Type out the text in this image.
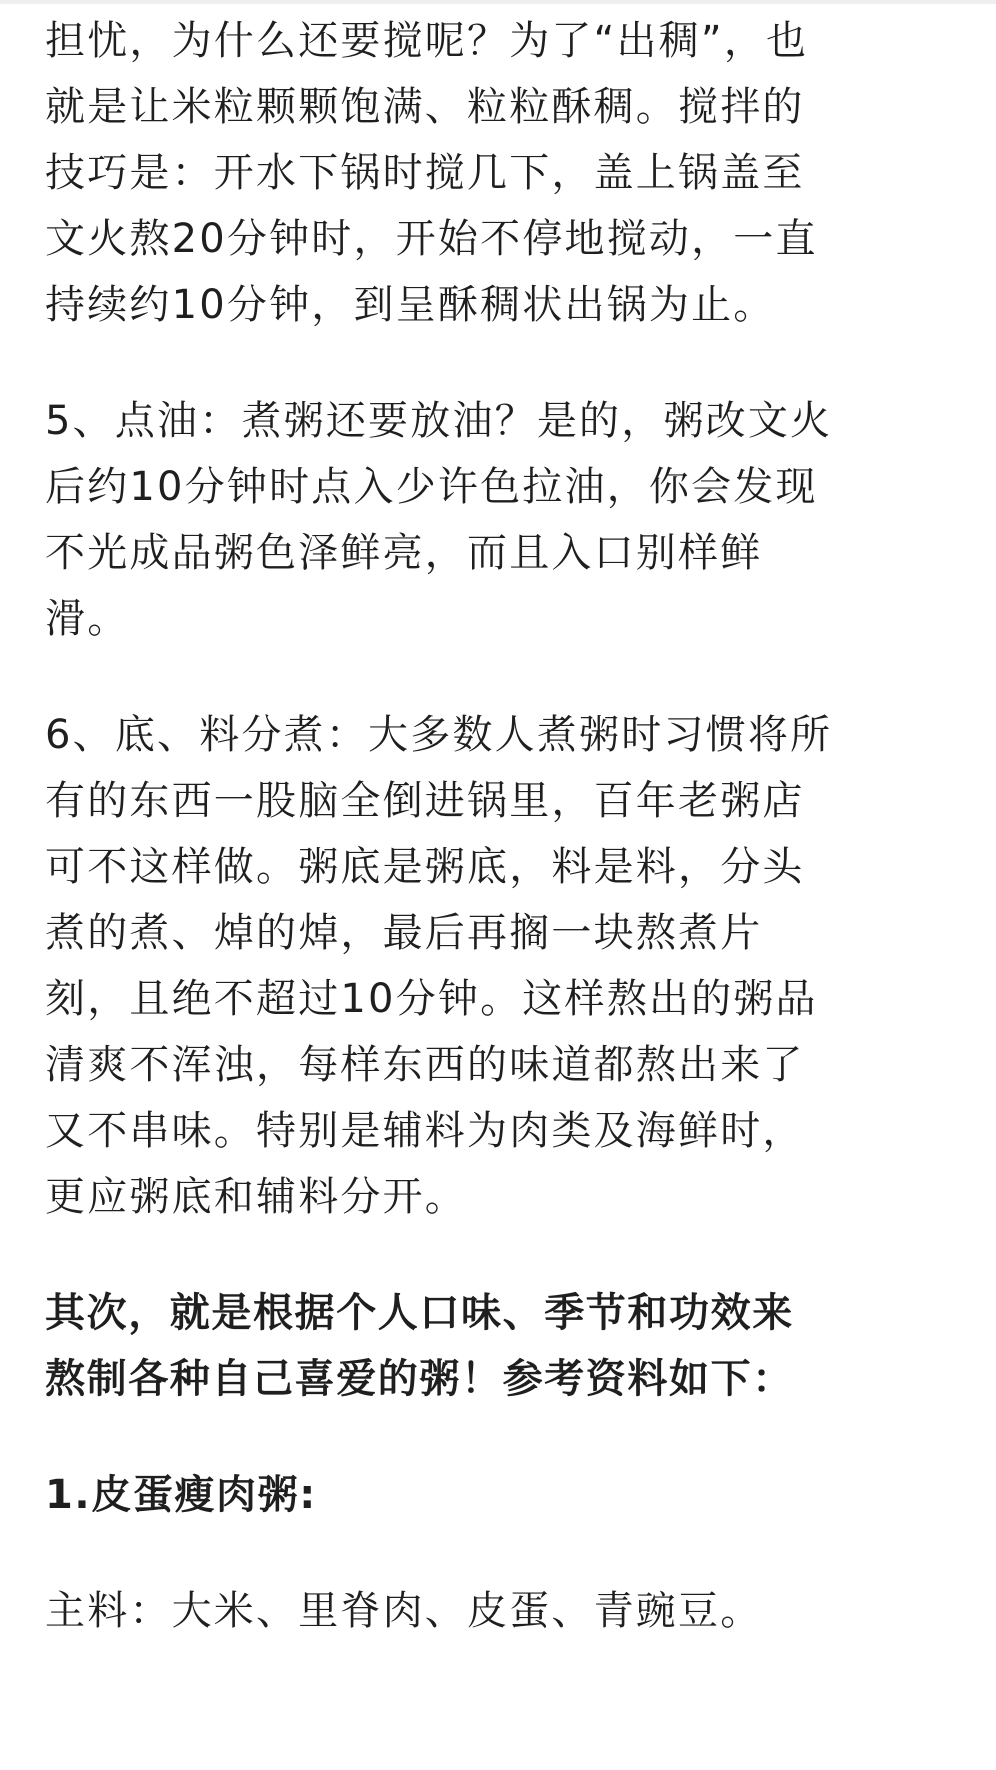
担忧，为什么还要搅呢？为了“出稠”，也
就是让米粒颗颗饱满、粒粒酥稠。搅拌的
技巧是：开水下锅时搅几下，盖上锅盖至
文火熬20分钟时，开始不停地搅动，一直
持续约10分钟，到呈酥稠状出锅为止。

5、点油：煮粥还要放油？是的，粥改文火
后约10分钟时点入少许色拉油，你会发现
不光成品粥色泽鲜亮，而且入口别样鲜
滑。

6、底、料分煮：大多数人煮粥时习惯将所
有的东西一股脑全倒进锅里，百年老粥店
可不这样做。粥底是粥底，料是料，分头
煮的煮、焯的焯，最后再搁一块熬煮片
刻，且绝不超过10分钟。这样熬出的粥品
清爽不浑浊，每样东西的味道都熬出来了
又不串味。特别是辅料为肉类及海鲜时，
更应粥底和辅料分开。

其次，就是根据个人口味、季节和功效来
熬制各种自己喜爱的粥！参考资料如下：

1.皮蛋瘦肉粥:

主料：大米、里脊肉、皮蛋、青豌豆。
